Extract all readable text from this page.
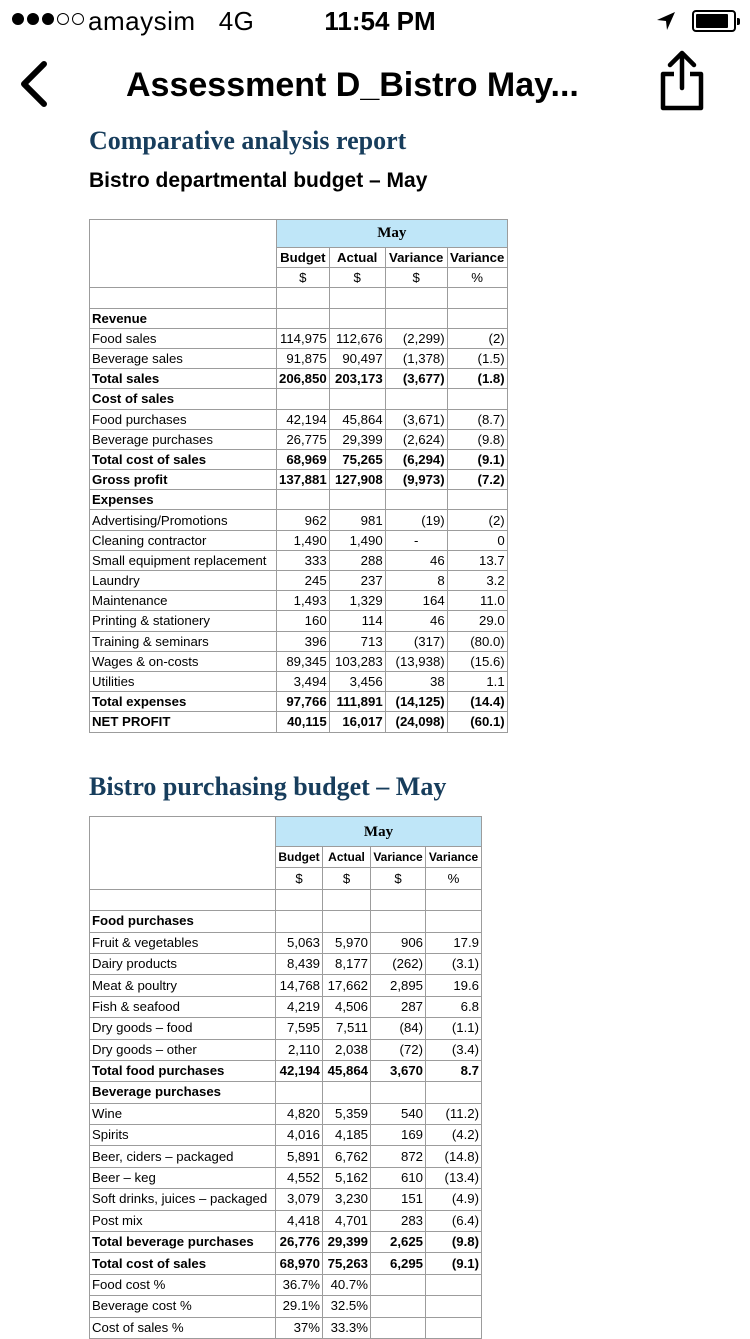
amaysim 4G	11:54 PM
Assessment D_Bistro May...
Comparative analysis report
Bistro departmental budget – May
	May			
	Budget	Actual	Variance	Variance
	$	$	$	%

Revenue				
Food sales	114,975	112,676	(2,299)	(2)
Beverage sales	91,875	90,497	(1,378)	(1.5)
Total sales	206,850	203,173	(3,677)	(1.8)
Cost of sales				
Food purchases	42,194	45,864	(3,671)	(8.7)
Beverage purchases	26,775	29,399	(2,624)	(9.8)
Total cost of sales	68,969	75,265	(6,294)	(9.1)
Gross profit	137,881	127,908	(9,973)	(7.2)
Expenses				
Advertising/Promotions	962	981	(19)	(2)
Cleaning contractor	1,490	1,490	-	0
Small equipment replacement	333	288	46	13.7
Laundry	245	237	8	3.2
Maintenance	1,493	1,329	164	11.0
Printing & stationery	160	114	46	29.0
Training & seminars	396	713	(317)	(80.0)
Wages & on-costs	89,345	103,283	(13,938)	(15.6)
Utilities	3,494	3,456	38	1.1
Total expenses	97,766	111,891	(14,125)	(14.4)
NET PROFIT	40,115	16,017	(24,098)	(60.1)
Bistro purchasing budget – May
	May			
	Budget	Actual	Variance	Variance
	$	$	$	%

Food purchases				
Fruit & vegetables	5,063	5,970	906	17.9
Dairy products	8,439	8,177	(262)	(3.1)
Meat & poultry	14,768	17,662	2,895	19.6
Fish & seafood	4,219	4,506	287	6.8
Dry goods – food	7,595	7,511	(84)	(1.1)
Dry goods – other	2,110	2,038	(72)	(3.4)
Total food purchases	42,194	45,864	3,670	8.7
Beverage purchases				
Wine	4,820	5,359	540	(11.2)
Spirits	4,016	4,185	169	(4.2)
Beer, ciders – packaged	5,891	6,762	872	(14.8)
Beer – keg	4,552	5,162	610	(13.4)
Soft drinks, juices – packaged	3,079	3,230	151	(4.9)
Post mix	4,418	4,701	283	(6.4)
Total beverage purchases	26,776	29,399	2,625	(9.8)
Total cost of sales	68,970	75,263	6,295	(9.1)
Food cost %	36.7%	40.7%		
Beverage cost %	29.1%	32.5%		
Cost of sales %	37%	33.3%		
